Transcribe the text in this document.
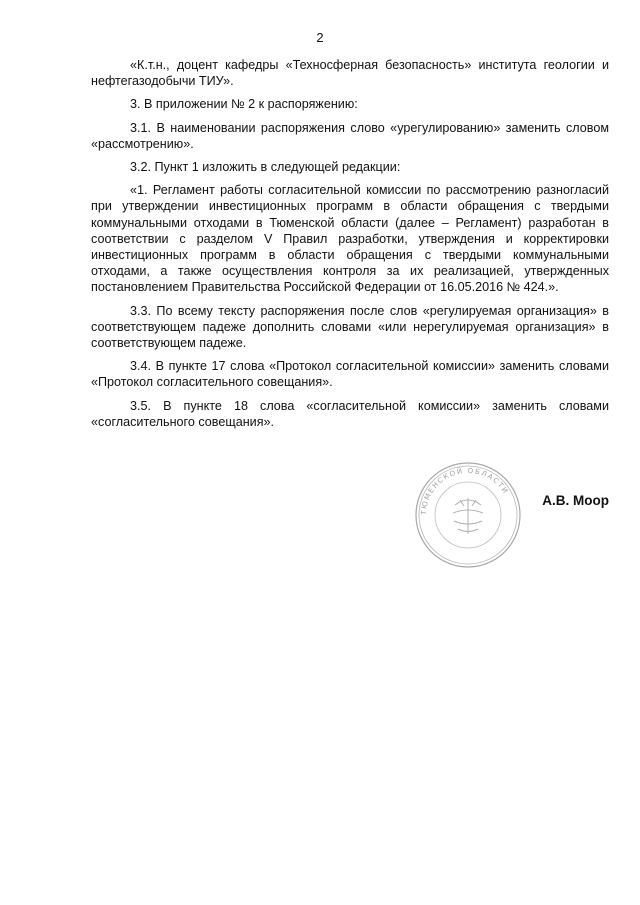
2

«К.т.н., доцент кафедры «Техносферная безопасность» института геологии и нефтегазодобычи ТИУ».

3. В приложении № 2 к распоряжению:

3.1. В наименовании распоряжения слово «урегулированию» заменить словом «рассмотрению».

3.2. Пункт 1 изложить в следующей редакции:

«1. Регламент работы согласительной комиссии по рассмотрению разногласий при утверждении инвестиционных программ в области обращения с твердыми коммунальными отходами в Тюменской области (далее – Регламент) разработан в соответствии с разделом V Правил разработки, утверждения и корректировки инвестиционных программ в области обращения с твердыми коммунальными отходами, а также осуществления контроля за их реализацией, утвержденных постановлением Правительства Российской Федерации от 16.05.2016 № 424.».

3.3. По всему тексту распоряжения после слов «регулируемая организация» в соответствующем падеже дополнить словами «или нерегулируемая организация» в соответствующем падеже.

3.4. В пункте 17 слова «Протокол согласительной комиссии» заменить словами «Протокол согласительного совещания».

3.5. В пункте 18 слова «согласительной комиссии» заменить словами «согласительного совещания».

ТЮМЕНСКОЙ ОБЛАСТИ
А.В. Моор
